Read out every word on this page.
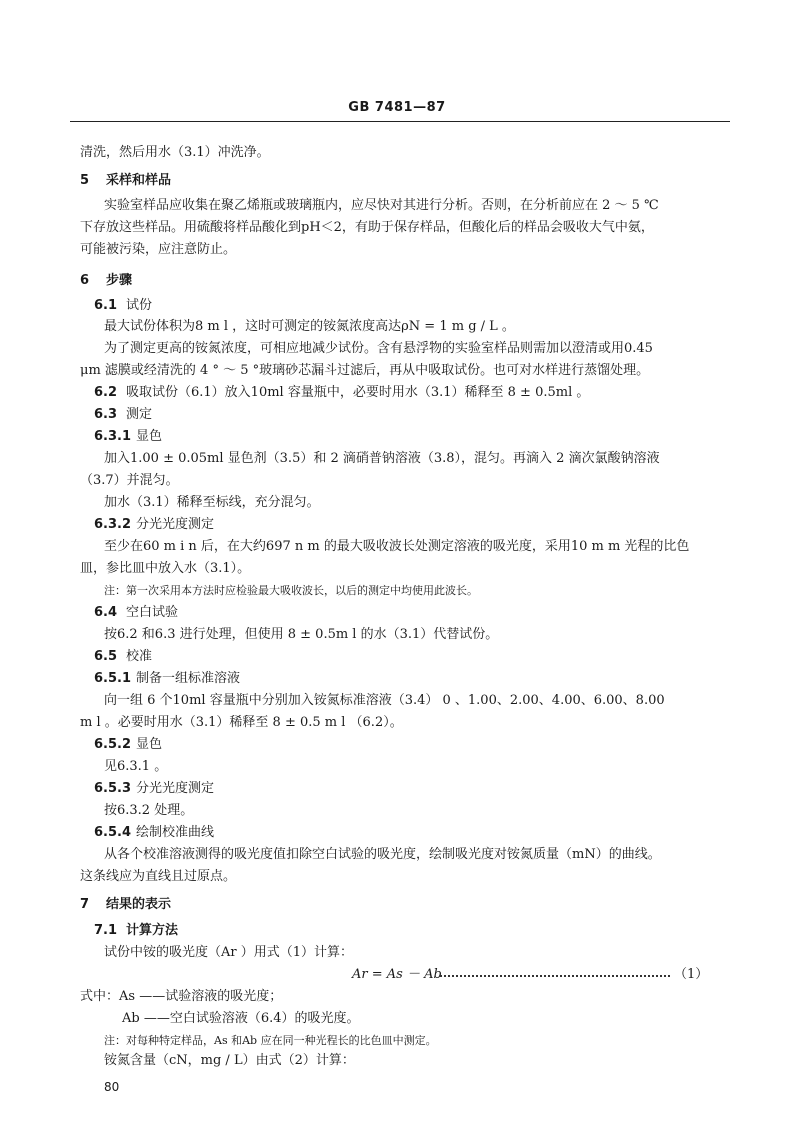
GB 7481—87
清洗，然后用水（3.1）冲洗净。
5 采样和样品
实验室样品应收集在聚乙烯瓶或玻璃瓶内，应尽快对其进行分析。否则，在分析前应在 2 ～ 5 ℃
下存放这些样品。用硫酸将样品酸化到pH＜2，有助于保存样品，但酸化后的样品会吸收大气中氨，
可能被污染，应注意防止。
6 步骤
6.1 试份
最大试份体积为8 m l ，这时可测定的铵氮浓度高达ρN = 1 m g / L 。
为了测定更高的铵氮浓度，可相应地减少试份。含有悬浮物的实验室样品则需加以澄清或用0.45
μm 滤膜或经清洗的 4 ° ～ 5 °玻璃砂芯漏斗过滤后，再从中吸取试份。也可对水样进行蒸馏处理。
6.2 吸取试份（6.1）放入10ml 容量瓶中，必要时用水（3.1）稀释至 8 ± 0.5ml 。
6.3 测定
6.3.1 显色
加入1.00 ± 0.05ml 显色剂（3.5）和 2 滴硝普钠溶液（3.8），混匀。再滴入 2 滴次氯酸钠溶液
（3.7）并混匀。
加水（3.1）稀释至标线，充分混匀。
6.3.2 分光光度测定
至少在60 m i n 后，在大约697 n m 的最大吸收波长处测定溶液的吸光度，采用10 m m 光程的比色
皿，参比皿中放入水（3.1）。
注：第一次采用本方法时应检验最大吸收波长，以后的测定中均使用此波长。
6.4 空白试验
按6.2 和6.3 进行处理，但使用 8 ± 0.5m l 的水（3.1）代替试份。
6.5 校准
6.5.1 制备一组标准溶液
向一组 6 个10ml 容量瓶中分别加入铵氮标准溶液（3.4） 0 、1.00、2.00、4.00、6.00、8.00
m l 。必要时用水（3.1）稀释至 8 ± 0.5 m l （6.2）。
6.5.2 显色
见6.3.1 。
6.5.3 分光光度测定
按6.3.2 处理。
6.5.4 绘制校准曲线
从各个校准溶液测得的吸光度值扣除空白试验的吸光度，绘制吸光度对铵氮质量（mN）的曲线。
这条线应为直线且过原点。
7 结果的表示
7.1 计算方法
试份中铵的吸光度（Ar ）用式（1）计算：
Ar = As － Ab	（1）
式中：As ——试验溶液的吸光度；
Ab ——空白试验溶液（6.4）的吸光度。
注：对每种特定样品，As 和Ab 应在同一种光程长的比色皿中测定。
铵氮含量（cN，mg / L）由式（2）计算：
80
